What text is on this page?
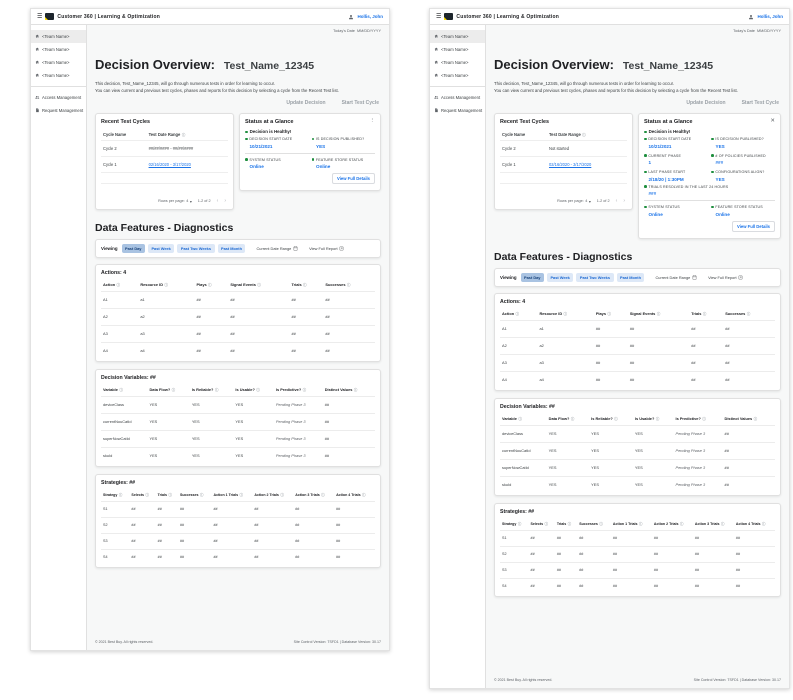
☰	Customer 360 | Learning & Optimization	Hollis, John
<Team Name>
<Team Name>
<Team Name>
<Team Name>
Access Management
Request Management
Today's Date MM/DD/YYYY
Decision Overview: Test_Name_12345

This decision, Test_Name_12345, will go through numerous tests in order for learning to occur.

You can view current and previous test cycles, phases and reports for this decision by selecting a cycle from the Recent Test list.

Update Decision	Start Test Cycle
Recent Test Cycles
Cycle Name	Test Date Range ⓘ
Cycle 2	##/##/#### - ##/##/####
Cycle 1	02/16/2020 - 3/17/2020

Rows per page: 4 ▾ 1-2 of 2 ‹ ›
Status at a Glance	⋮
Decision is Healthy!
DECISION START DATE
10/21/2021
IS DECISION PUBLISHED?
YES
SYSTEM STATUS
Online
FEATURE STORE STATUS
Online
View Full Details
Data Features - Diagnostics
Viewing	Past Day	Past Week	Past Two Weeks	Past Month	Current Date Range	View Full Report
Actions: 4
Action ⓘ	Resource ID ⓘ	Plays ⓘ	Signal Events ⓘ	Trials ⓘ	Successes ⓘ
A1	a1	##	##	##	##
A2	a2	##	##	##	##
A3	a3	##	##	##	##
A4	a4	##	##	##	##
Decision Variables: ##
Variable ⓘ	Data Flow? ⓘ	Is Reliable? ⓘ	Is Usable? ⓘ	Is Predictive? ⓘ	Distinct Values ⓘ
deviceClass	YES	YES	YES	Pending Phase 3	##
currentNouCatId	YES	YES	YES	Pending Phase 3	##
superNowCatId	YES	YES	YES	Pending Phase 3	##
skuId	YES	YES	YES	Pending Phase 3	##
Strategies: ##
Strategy ⓘ	Selects ⓘ	Trials ⓘ	Successes ⓘ	Action 1 Trials ⓘ	Action 2 Trials ⓘ	Action 3 Trials ⓘ	Action 4 Trials ⓘ
S1	##	##	##	##	##	##	##
S2	##	##	##	##	##	##	##
S3	##	##	##	##	##	##	##
S4	##	##	##	##	##	##	##
© 2021 Best Buy. All rights reserved.	Site Control Version: TSFD1 | Database Version: 30.17
☰	Customer 360 | Learning & Optimization	Hollis, John
<Team Name>
<Team Name>
<Team Name>
<Team Name>
Access Management
Request Management
Today's Date MM/DD/YYYY
Decision Overview: Test_Name_12345

This decision, Test_Name_12345, will go through numerous tests in order for learning to occur.

You can view current and previous test cycles, phases and reports for this decision by selecting a cycle from the Recent Test list.

Update Decision	Start Test Cycle
Recent Test Cycles
Cycle Name	Test Date Range ⓘ
Cycle 2	Not started
Cycle 1	02/16/2020 - 3/17/2020

Rows per page: 4 ▾ 1-2 of 2 ‹ ›
Status at a Glance	✕
Decision is Healthy!
DECISION START DATE
10/21/2021
IS DECISION PUBLISHED?
YES
CURRENT PHASE
1
# OF POLICIES PUBLISHED
###
LAST PHASE START
2/18/20 | 1:30PM
CONFIGURATIONS ALIGN?
YES
TRIALS RESOLVED IN THE LAST 24 HOURS
###
SYSTEM STATUS
Online
FEATURE STORE STATUS
Online
View Full Details
Data Features - Diagnostics
Viewing	Past Day	Past Week	Past Two Weeks	Past Month	Current Date Range	View Full Report
Actions: 4
Action ⓘ	Resource ID ⓘ	Plays ⓘ	Signal Events ⓘ	Trials ⓘ	Successes ⓘ
A1	a1	##	##	##	##
A2	a2	##	##	##	##
A3	a3	##	##	##	##
A4	a4	##	##	##	##
Decision Variables: ##
Variable ⓘ	Data Flow? ⓘ	Is Reliable? ⓘ	Is Usable? ⓘ	Is Predictive? ⓘ	Distinct Values ⓘ
deviceClass	YES	YES	YES	Pending Phase 3	##
currentNouCatId	YES	YES	YES	Pending Phase 3	##
superNowCatId	YES	YES	YES	Pending Phase 3	##
skuId	YES	YES	YES	Pending Phase 3	##
Strategies: ##
Strategy ⓘ	Selects ⓘ	Trials ⓘ	Successes ⓘ	Action 1 Trials ⓘ	Action 2 Trials ⓘ	Action 3 Trials ⓘ	Action 4 Trials ⓘ
S1	##	##	##	##	##	##	##
S2	##	##	##	##	##	##	##
S3	##	##	##	##	##	##	##
S4	##	##	##	##	##	##	##
© 2021 Best Buy. All rights reserved.	Site Control Version: TSFD1 | Database Version: 30.17
